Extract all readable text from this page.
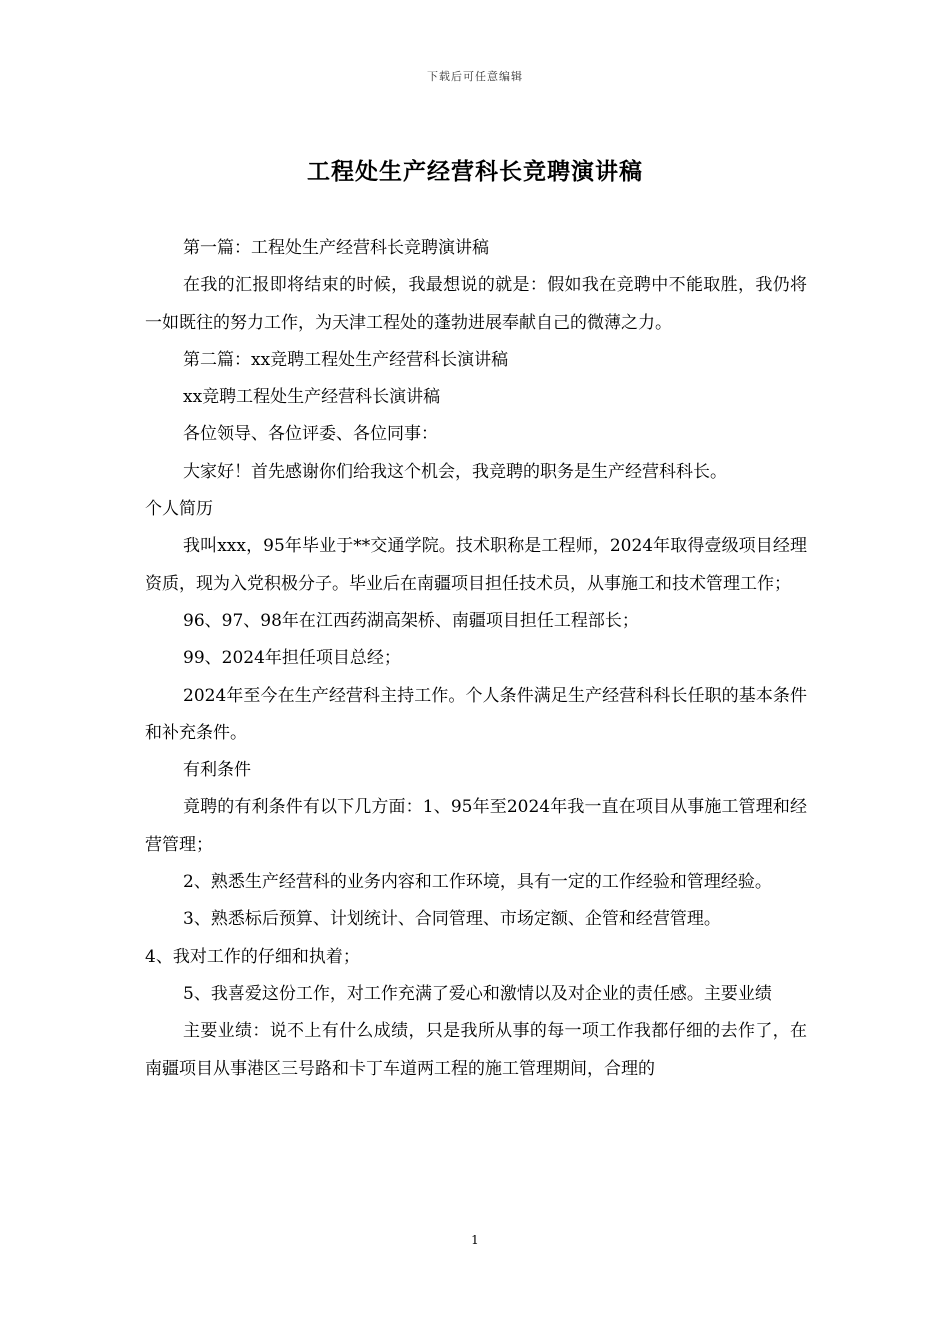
下载后可任意编辑
工程处生产经营科长竞聘演讲稿

第一篇：工程处生产经营科长竞聘演讲稿

在我的汇报即将结束的时候，我最想说的就是：假如我在竞聘中不能取胜，我仍将一如既往的努力工作，为天津工程处的蓬勃进展奉献自己的微薄之力。

第二篇：xx竞聘工程处生产经营科长演讲稿

xx竞聘工程处生产经营科长演讲稿

各位领导、各位评委、各位同事：

大家好！首先感谢你们给我这个机会，我竞聘的职务是生产经营科科长。

个人简历

我叫xxx，95年毕业于**交通学院。技术职称是工程师，2024年取得壹级项目经理资质，现为入党积极分子。毕业后在南疆项目担任技术员，从事施工和技术管理工作；

96、97、98年在江西药湖高架桥、南疆项目担任工程部长；

99、2024年担任项目总经；

2024年至今在生产经营科主持工作。个人条件满足生产经营科科长任职的基本条件和补充条件。

有利条件

竟聘的有利条件有以下几方面：1、95年至2024年我一直在项目从事施工管理和经营管理；

2、熟悉生产经营科的业务内容和工作环境，具有一定的工作经验和管理经验。

3、熟悉标后预算、计划统计、合同管理、市场定额、企管和经营管理。

4、我对工作的仔细和执着；

5、我喜爱这份工作，对工作充满了爱心和激情以及对企业的责任感。主要业绩

主要业绩：说不上有什么成绩，只是我所从事的每一项工作我都仔细的去作了，在南疆项目从事港区三号路和卡丁车道两工程的施工管理期间，合理的

1
